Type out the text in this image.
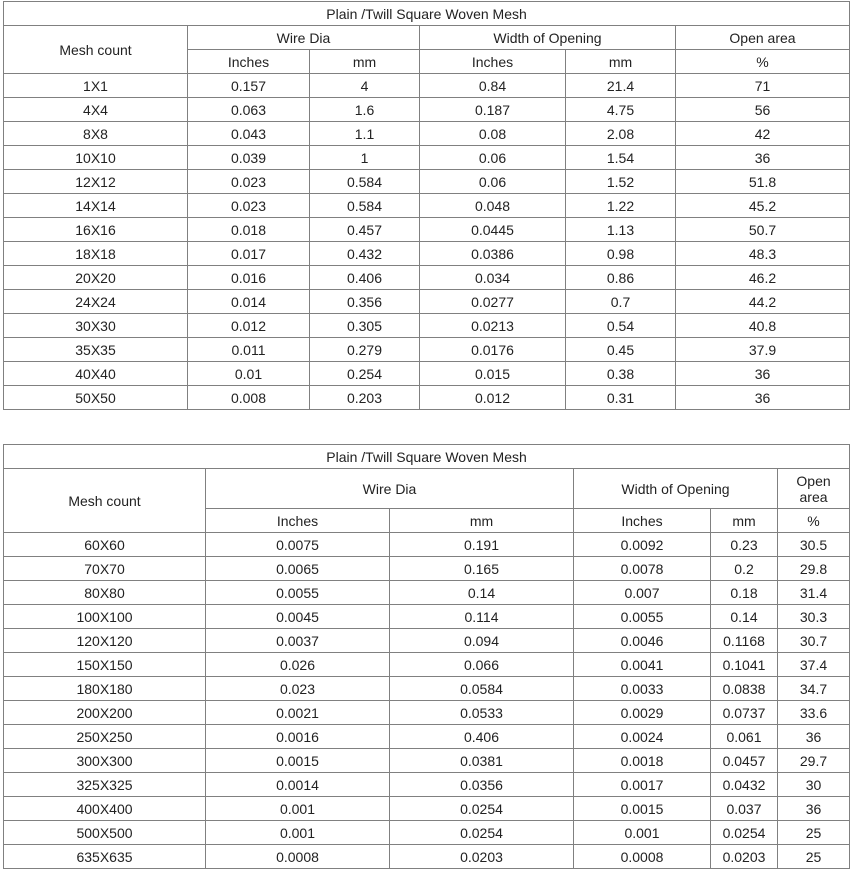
Plain /Twill Square Woven Mesh					
Mesh count	Wire Dia		Width of Opening		Open area
	Inches	mm	Inches	mm	%
1X1	0.157	4	0.84	21.4	71
4X4	0.063	1.6	0.187	4.75	56
8X8	0.043	1.1	0.08	2.08	42
10X10	0.039	1	0.06	1.54	36
12X12	0.023	0.584	0.06	1.52	51.8
14X14	0.023	0.584	0.048	1.22	45.2
16X16	0.018	0.457	0.0445	1.13	50.7
18X18	0.017	0.432	0.0386	0.98	48.3
20X20	0.016	0.406	0.034	0.86	46.2
24X24	0.014	0.356	0.0277	0.7	44.2
30X30	0.012	0.305	0.0213	0.54	40.8
35X35	0.011	0.279	0.0176	0.45	37.9
40X40	0.01	0.254	0.015	0.38	36
50X50	0.008	0.203	0.012	0.31	36
Plain /Twill Square Woven Mesh					
Mesh count	Wire Dia		Width of Opening		Open
area
	Inches	mm	Inches	mm	%
60X60	0.0075	0.191	0.0092	0.23	30.5
70X70	0.0065	0.165	0.0078	0.2	29.8
80X80	0.0055	0.14	0.007	0.18	31.4
100X100	0.0045	0.114	0.0055	0.14	30.3
120X120	0.0037	0.094	0.0046	0.1168	30.7
150X150	0.026	0.066	0.0041	0.1041	37.4
180X180	0.023	0.0584	0.0033	0.0838	34.7
200X200	0.0021	0.0533	0.0029	0.0737	33.6
250X250	0.0016	0.406	0.0024	0.061	36
300X300	0.0015	0.0381	0.0018	0.0457	29.7
325X325	0.0014	0.0356	0.0017	0.0432	30
400X400	0.001	0.0254	0.0015	0.037	36
500X500	0.001	0.0254	0.001	0.0254	25
635X635	0.0008	0.0203	0.0008	0.0203	25
